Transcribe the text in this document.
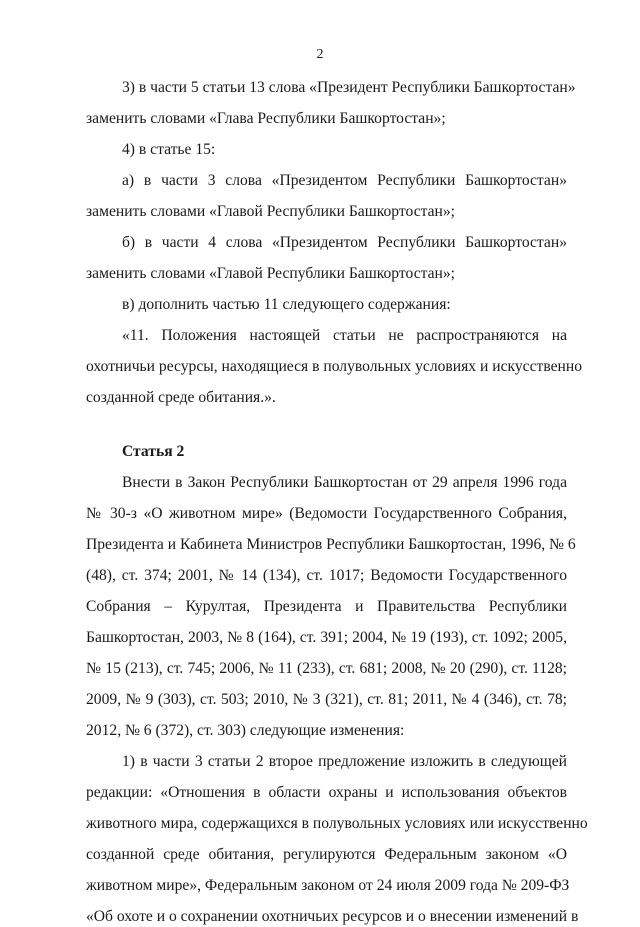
2
3) в части 5 статьи 13 слова «Президент Республики Башкортостан»
заменить словами «Глава Республики Башкортостан»;
4) в статье 15:
а) в части 3 слова «Президентом Республики Башкортостан»
заменить словами «Главой Республики Башкортостан»;
б) в части 4 слова «Президентом Республики Башкортостан»
заменить словами «Главой Республики Башкортостан»;
в) дополнить частью 11 следующего содержания:
«11. Положения настоящей статьи не распространяются на
охотничьи ресурсы, находящиеся в полувольных условиях и искусственно
созданной среде обитания.».
Статья 2
Внести в Закон Республики Башкортостан от 29 апреля 1996 года
№ 30-з «О животном мире» (Ведомости Государственного Собрания,
Президента и Кабинета Министров Республики Башкортостан, 1996, № 6
(48), ст. 374; 2001, № 14 (134), ст. 1017; Ведомости Государственного
Собрания – Курултая, Президента и Правительства Республики
Башкортостан, 2003, № 8 (164), ст. 391; 2004, № 19 (193), ст. 1092; 2005,
№ 15 (213), ст. 745; 2006, № 11 (233), ст. 681; 2008, № 20 (290), ст. 1128;
2009, № 9 (303), ст. 503; 2010, № 3 (321), ст. 81; 2011, № 4 (346), ст. 78;
2012, № 6 (372), ст. 303) следующие изменения:
1) в части 3 статьи 2 второе предложение изложить в следующей
редакции: «Отношения в области охраны и использования объектов
животного мира, содержащихся в полувольных условиях или искусственно
созданной среде обитания, регулируются Федеральным законом «О
животном мире», Федеральным законом от 24 июля 2009 года № 209-ФЗ
«Об охоте и о сохранении охотничьих ресурсов и о внесении изменений в
